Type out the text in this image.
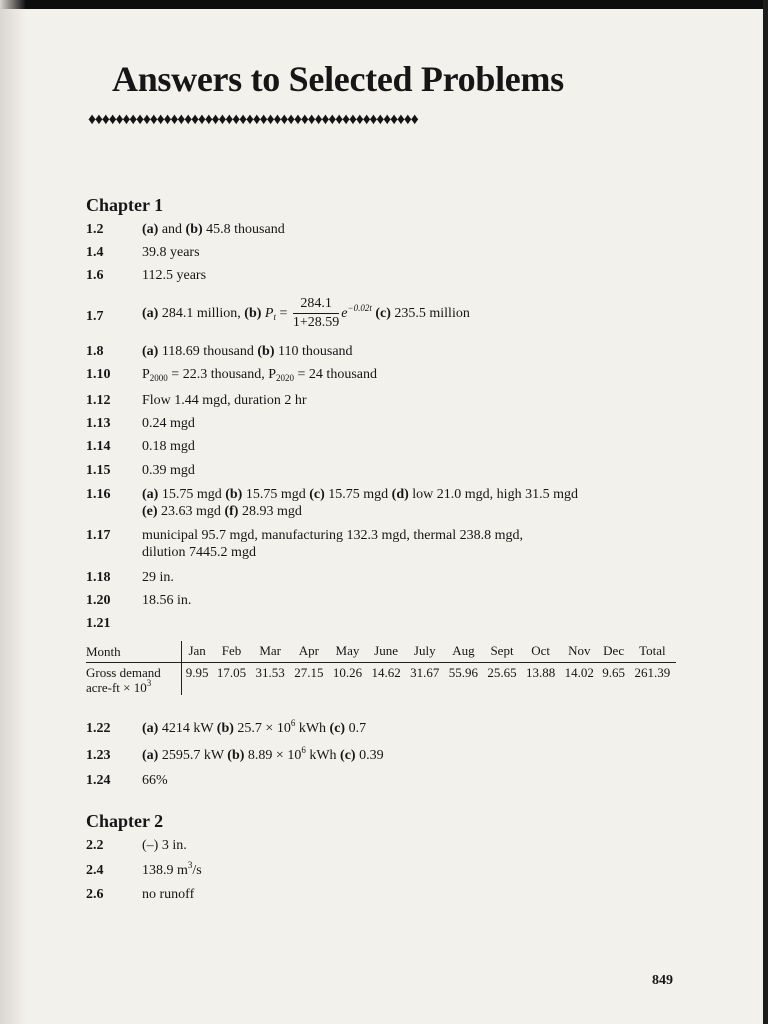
Answers to Selected Problems
♦♦♦♦♦♦♦♦♦♦♦♦♦♦♦♦♦♦♦♦♦♦♦♦♦♦♦♦♦♦♦♦♦♦♦♦♦♦♦♦♦♦♦♦♦♦♦♦
Chapter 1
1.2	(a) and (b) 45.8 thousand
1.4	39.8 years
1.6	112.5 years
1.7	(a) 284.1 million, (b) $P_t = \frac{284.1}{1+28.59} e^{-0.02t}$ (c) 235.5 million
1.8	(a) 118.69 thousand (b) 110 thousand
1.10 $P_{2000} = 22.3$ thousand, $P_{2020} = 24$ thousand
1.12 Flow 1.44 mgd, duration 2 hr
1.13 0.24 mgd
1.14 0.18 mgd
1.15 0.39 mgd
1.16 (a) 15.75 mgd (b) 15.75 mgd (c) 15.75 mgd (d) low 21.0 mgd, high 31.5 mgd
(e) 23.63 mgd (f) 28.93 mgd
1.17 municipal 95.7 mgd, manufacturing 132.3 mgd, thermal 238.8 mgd,
dilution 7445.2 mgd
1.18 29 in.
1.20 18.56 in.
1.21
Month	Jan	Feb	Mar	Apr	May	June	July	Aug	Sept	Oct	Nov	Dec	Total
Gross demand
acre-ft × $10^3$	9.95	17.05	31.53	27.15	10.26	14.62	31.67	55.96	25.65	13.88	14.02	9.65	261.39
1.22 (a) 4214 kW (b) $25.7 \times 10^6$ kWh (c) 0.7
1.23 (a) 2595.7 kW (b) $8.89 \times 10^6$ kWh (c) 0.39
1.24 66%
Chapter 2
2.2	(–) 3 in.
2.4	138.9 $m^3/s$
2.6	no runoff
849
